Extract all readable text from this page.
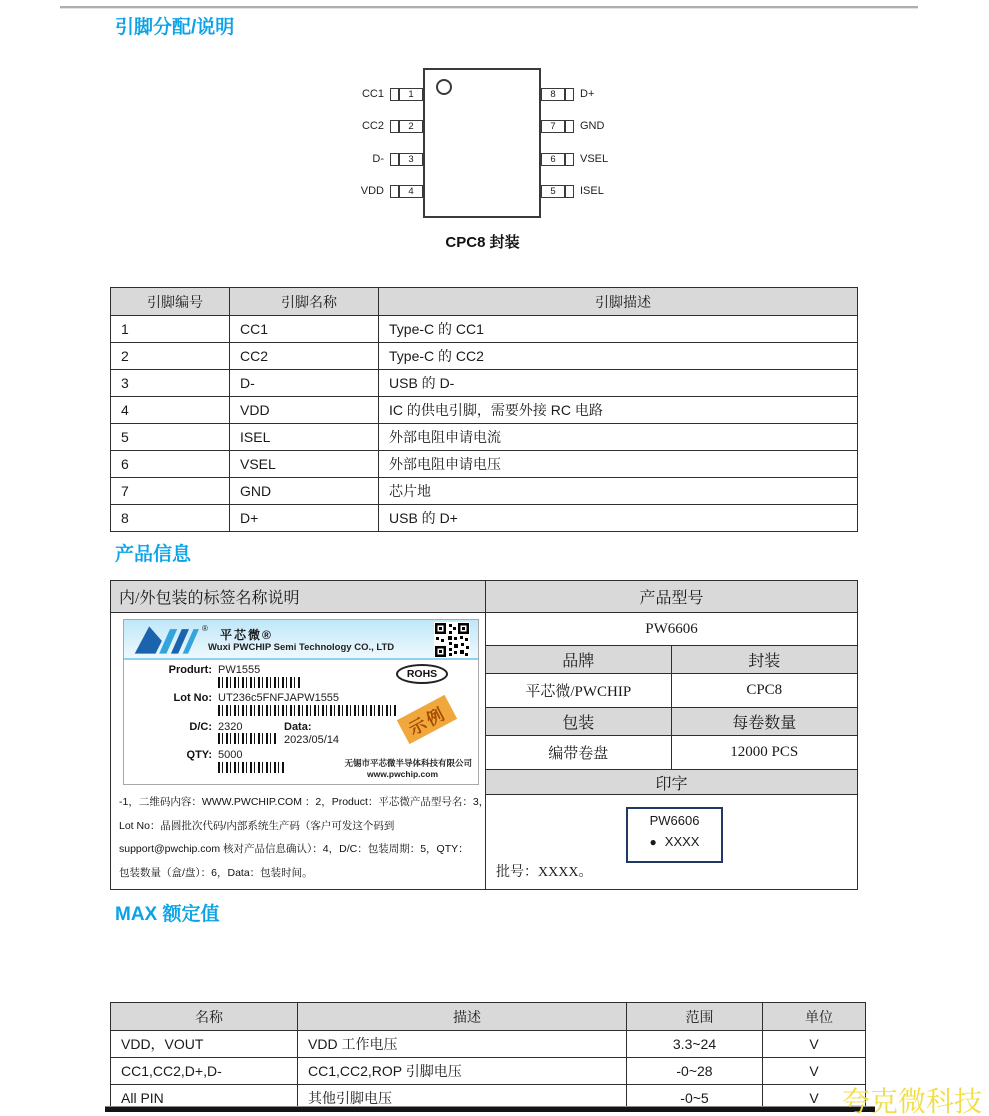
引脚分配/说明
CC1	1
CC2	2
D-	3
VDD	4
8	D+
7	GND
6	VSEL
5	ISEL
CPC8 封装
引脚编号	引脚名称	引脚描述
1	CC1	Type-C 的 CC1
2	CC2	Type-C 的 CC2
3	D-	USB 的 D-
4	VDD	IC 的供电引脚，需要外接 RC 电路
5	ISEL	外部电阻申请电流
6	VSEL	外部电阻申请电压
7	GND	芯片地
8	D+	USB 的 D+
产品信息
内/外包装的标签名称说明
® 平芯微®
Wuxi PWCHIP Semi Technology CO., LTD
Produrt: PW1555
Lot No: UT236c5FNFJAPW1555
D/C: 2320	Data:
2023/05/14
QTY: 5000
ROHS
示例
无锡市平芯微半导体科技有限公司
www.pwchip.com
-1，二维码内容：WWW.PWCHIP.COM ：2，Product：平芯微产品型号名：3，
Lot No：晶圆批次代码/内部系统生产码（客户可发这个码到
support@pwchip.com 核对产品信息确认）：4，D/C：包装周期：5，QTY：
包装数量（盒/盘）：6，Data：包装时间。
产品型号
PW6606
品牌	封装
平芯微/PWCHIP	CPC8
包装	每卷数量
编带卷盘	12000 PCS
印字
PW6606
● XXXX
批号：XXXX。
MAX 额定值
名称	描述	范围	单位
VDD，VOUT	VDD 工作电压	3.3~24	V
CC1,CC2,D+,D-	CC1,CC2,ROP 引脚电压	-0~28	V
All PIN	其他引脚电压	-0~5	V 夸克微科技
